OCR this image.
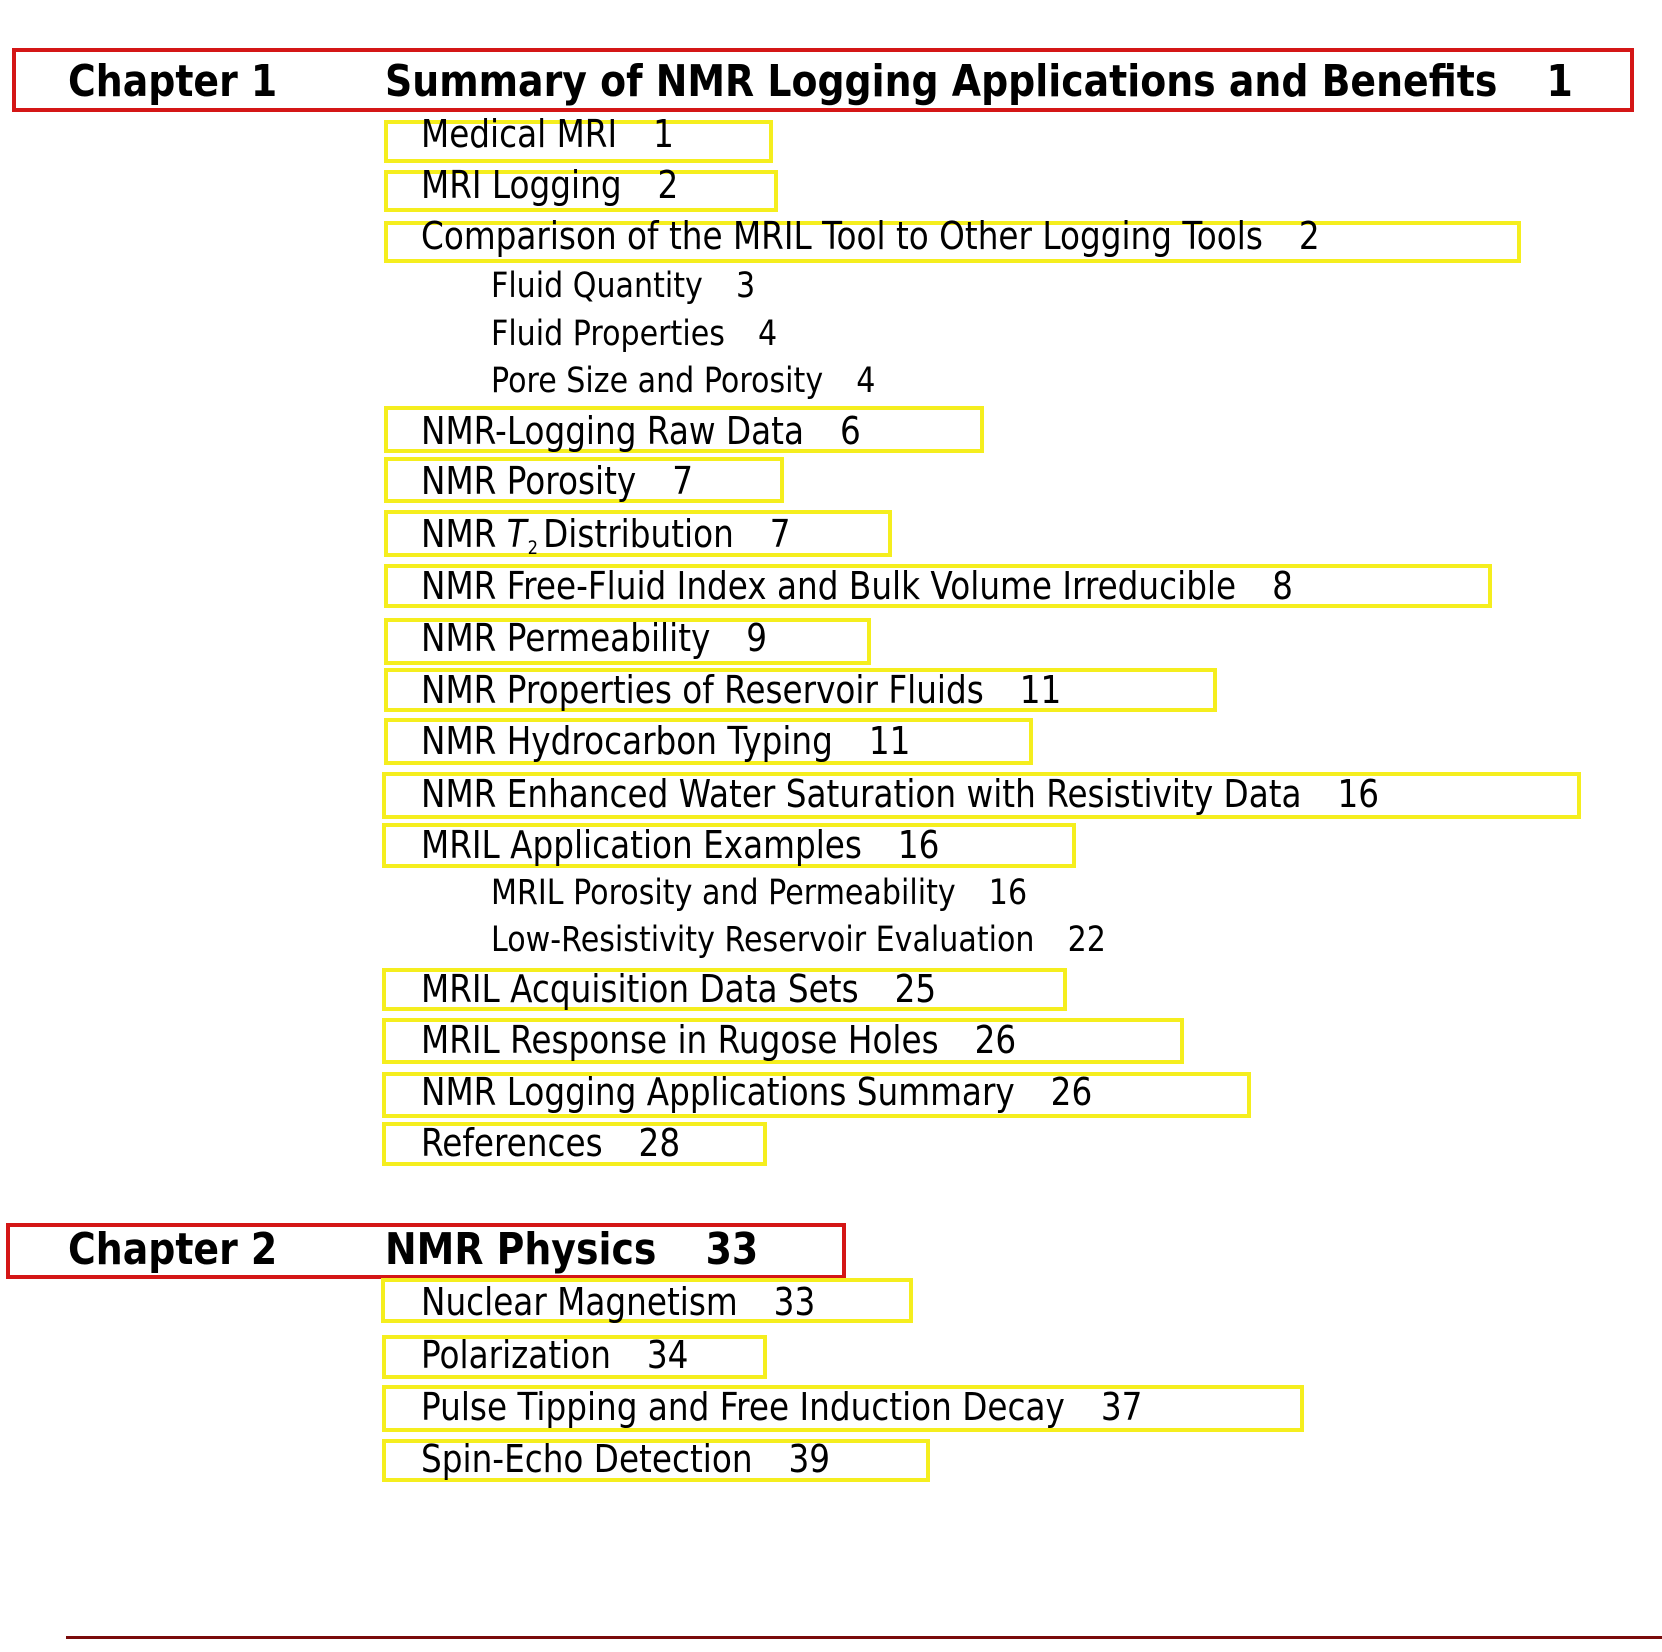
Chapter 1 Summary of NMR Logging Applications and Benefits 1
Medical MRI 1
MRI Logging 2
Comparison of the MRIL Tool to Other Logging Tools 2
Fluid Quantity 3
Fluid Properties 4
Pore Size and Porosity 4
NMR-Logging Raw Data 6
NMR Porosity 7
NMR $T_2$ Distribution 7
NMR Free-Fluid Index and Bulk Volume Irreducible 8
NMR Permeability 9
NMR Properties of Reservoir Fluids 11
NMR Hydrocarbon Typing 11
NMR Enhanced Water Saturation with Resistivity Data 16
MRIL Application Examples 16
MRIL Porosity and Permeability 16
Low-Resistivity Reservoir Evaluation 22
MRIL Acquisition Data Sets 25
MRIL Response in Rugose Holes 26
NMR Logging Applications Summary 26
References 28
Chapter 2 NMR Physics 33
Nuclear Magnetism 33
Polarization 34
Pulse Tipping and Free Induction Decay 37
Spin-Echo Detection 39
